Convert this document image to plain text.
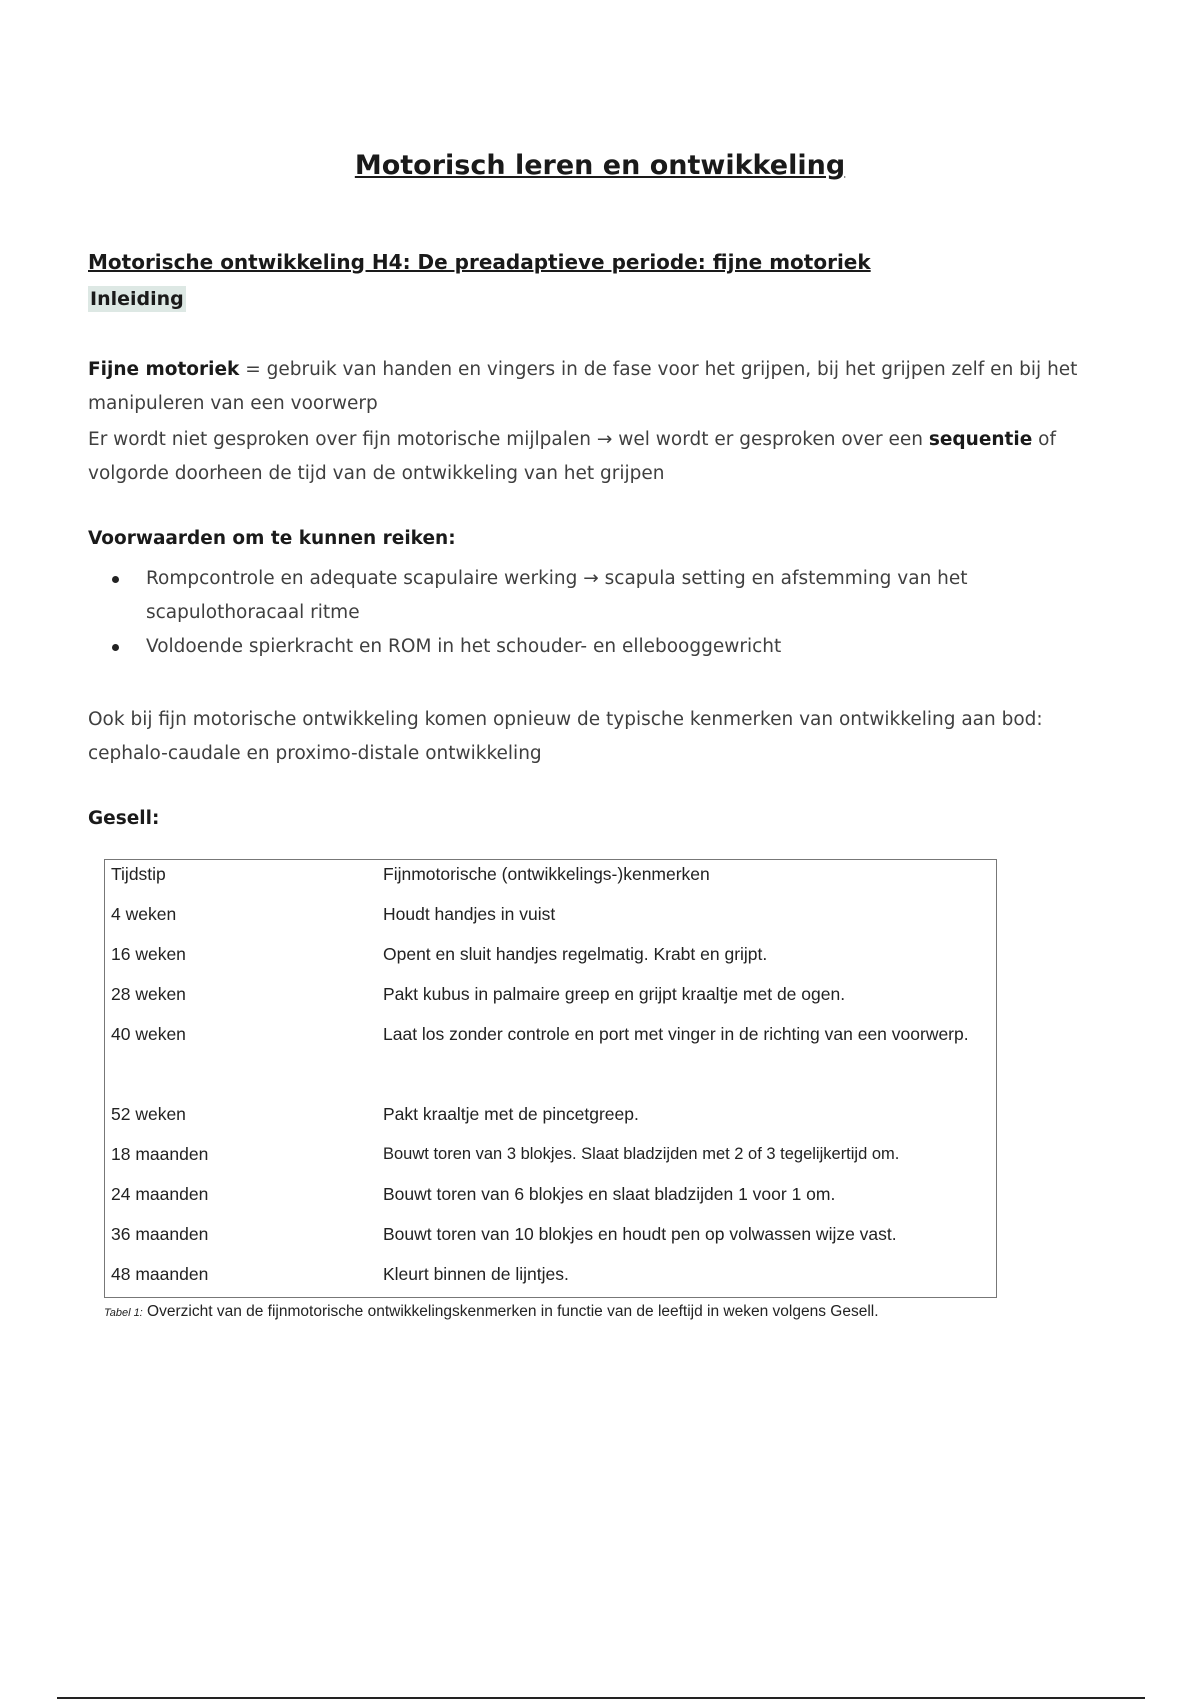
Motorisch leren en ontwikkeling
Motorische ontwikkeling H4: De preadaptieve periode: fijne motoriek
Inleiding
Fijne motoriek = gebruik van handen en vingers in de fase voor het grijpen, bij het grijpen zelf en bij het manipuleren van een voorwerp
Er wordt niet gesproken over fijn motorische mijlpalen → wel wordt er gesproken over een sequentie of volgorde doorheen de tijd van de ontwikkeling van het grijpen
Voorwaarden om te kunnen reiken:
Rompcontrole en adequate scapulaire werking → scapula setting en afstemming van het scapulothoracaal ritme
Voldoende spierkracht en ROM in het schouder- en ellebooggewricht
Ook bij fijn motorische ontwikkeling komen opnieuw de typische kenmerken van ontwikkeling aan bod: cephalo-caudale en proximo-distale ontwikkeling
Gesell:
Tijdstip	Fijnmotorische (ontwikkelings-)kenmerken
4 weken	Houdt handjes in vuist
16 weken	Opent en sluit handjes regelmatig. Krabt en grijpt.
28 weken	Pakt kubus in palmaire greep en grijpt kraaltje met de ogen.
40 weken	Laat los zonder controle en port met vinger in de richting van een voorwerp.
52 weken	Pakt kraaltje met de pincetgreep.
18 maanden	Bouwt toren van 3 blokjes. Slaat bladzijden met 2 of 3 tegelijkertijd om.
24 maanden	Bouwt toren van 6 blokjes en slaat bladzijden 1 voor 1 om.
36 maanden	Bouwt toren van 10 blokjes en houdt pen op volwassen wijze vast.
48 maanden	Kleurt binnen de lijntjes.
Tabel 1: Overzicht van de fijnmotorische ontwikkelingskenmerken in functie van de leeftijd in weken volgens Gesell.
